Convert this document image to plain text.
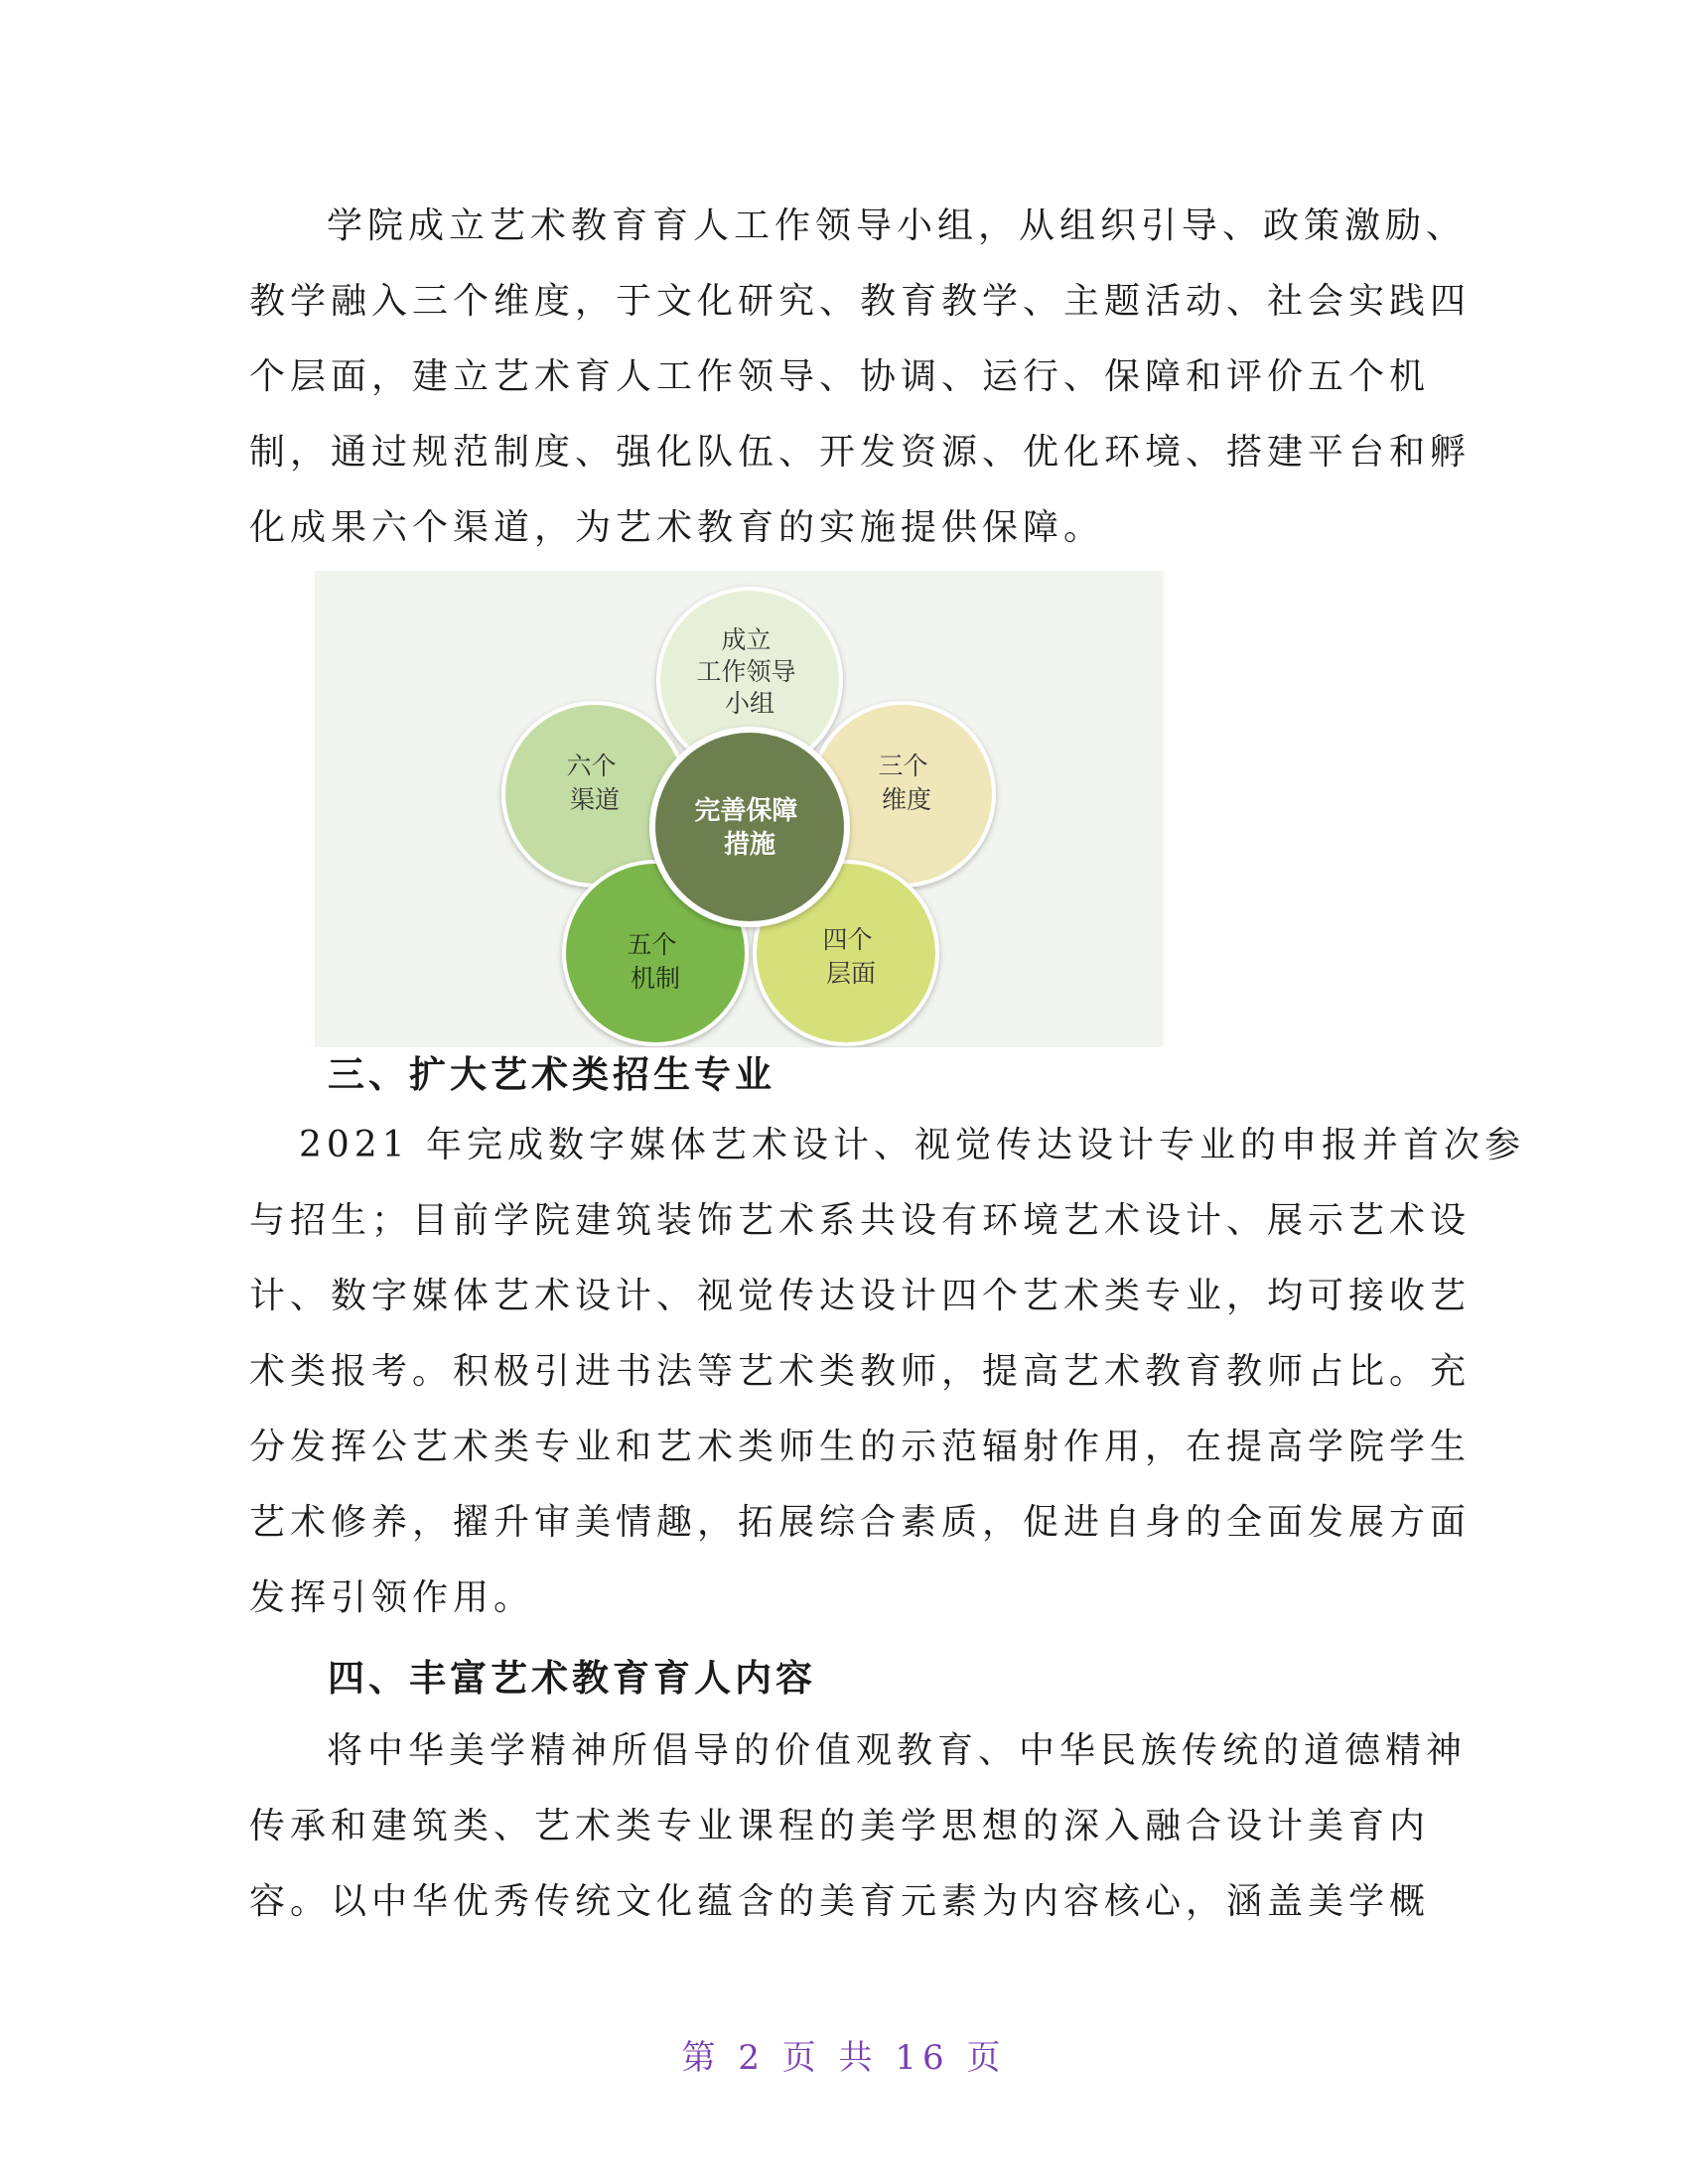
学院成立艺术教育育人工作领导小组，从组织引导、政策激励、
教学融入三个维度，于文化研究、教育教学、主题活动、社会实践四
个层面，建立艺术育人工作领导、协调、运行、保障和评价五个机
制，通过规范制度、强化队伍、开发资源、优化环境、搭建平台和孵
化成果六个渠道，为艺术教育的实施提供保障。
完善保障 措施
成立 工作领导 小组
六个 渠道
三个 维度
四个 层面
五个 机制
三、扩大艺术类招生专业
2021 年完成数字媒体艺术设计、视觉传达设计专业的申报并首次参
与招生；目前学院建筑装饰艺术系共设有环境艺术设计、展示艺术设
计、数字媒体艺术设计、视觉传达设计四个艺术类专业，均可接收艺
术类报考。积极引进书法等艺术类教师，提高艺术教育教师占比。充
分发挥公艺术类专业和艺术类师生的示范辐射作用，在提高学院学生
艺术修养，擢升审美情趣，拓展综合素质，促进自身的全面发展方面
发挥引领作用。
四、丰富艺术教育育人内容
将中华美学精神所倡导的价值观教育、中华民族传统的道德精神
传承和建筑类、艺术类专业课程的美学思想的深入融合设计美育内
容。以中华优秀传统文化蕴含的美育元素为内容核心，涵盖美学概
第 2 页 共 16 页
